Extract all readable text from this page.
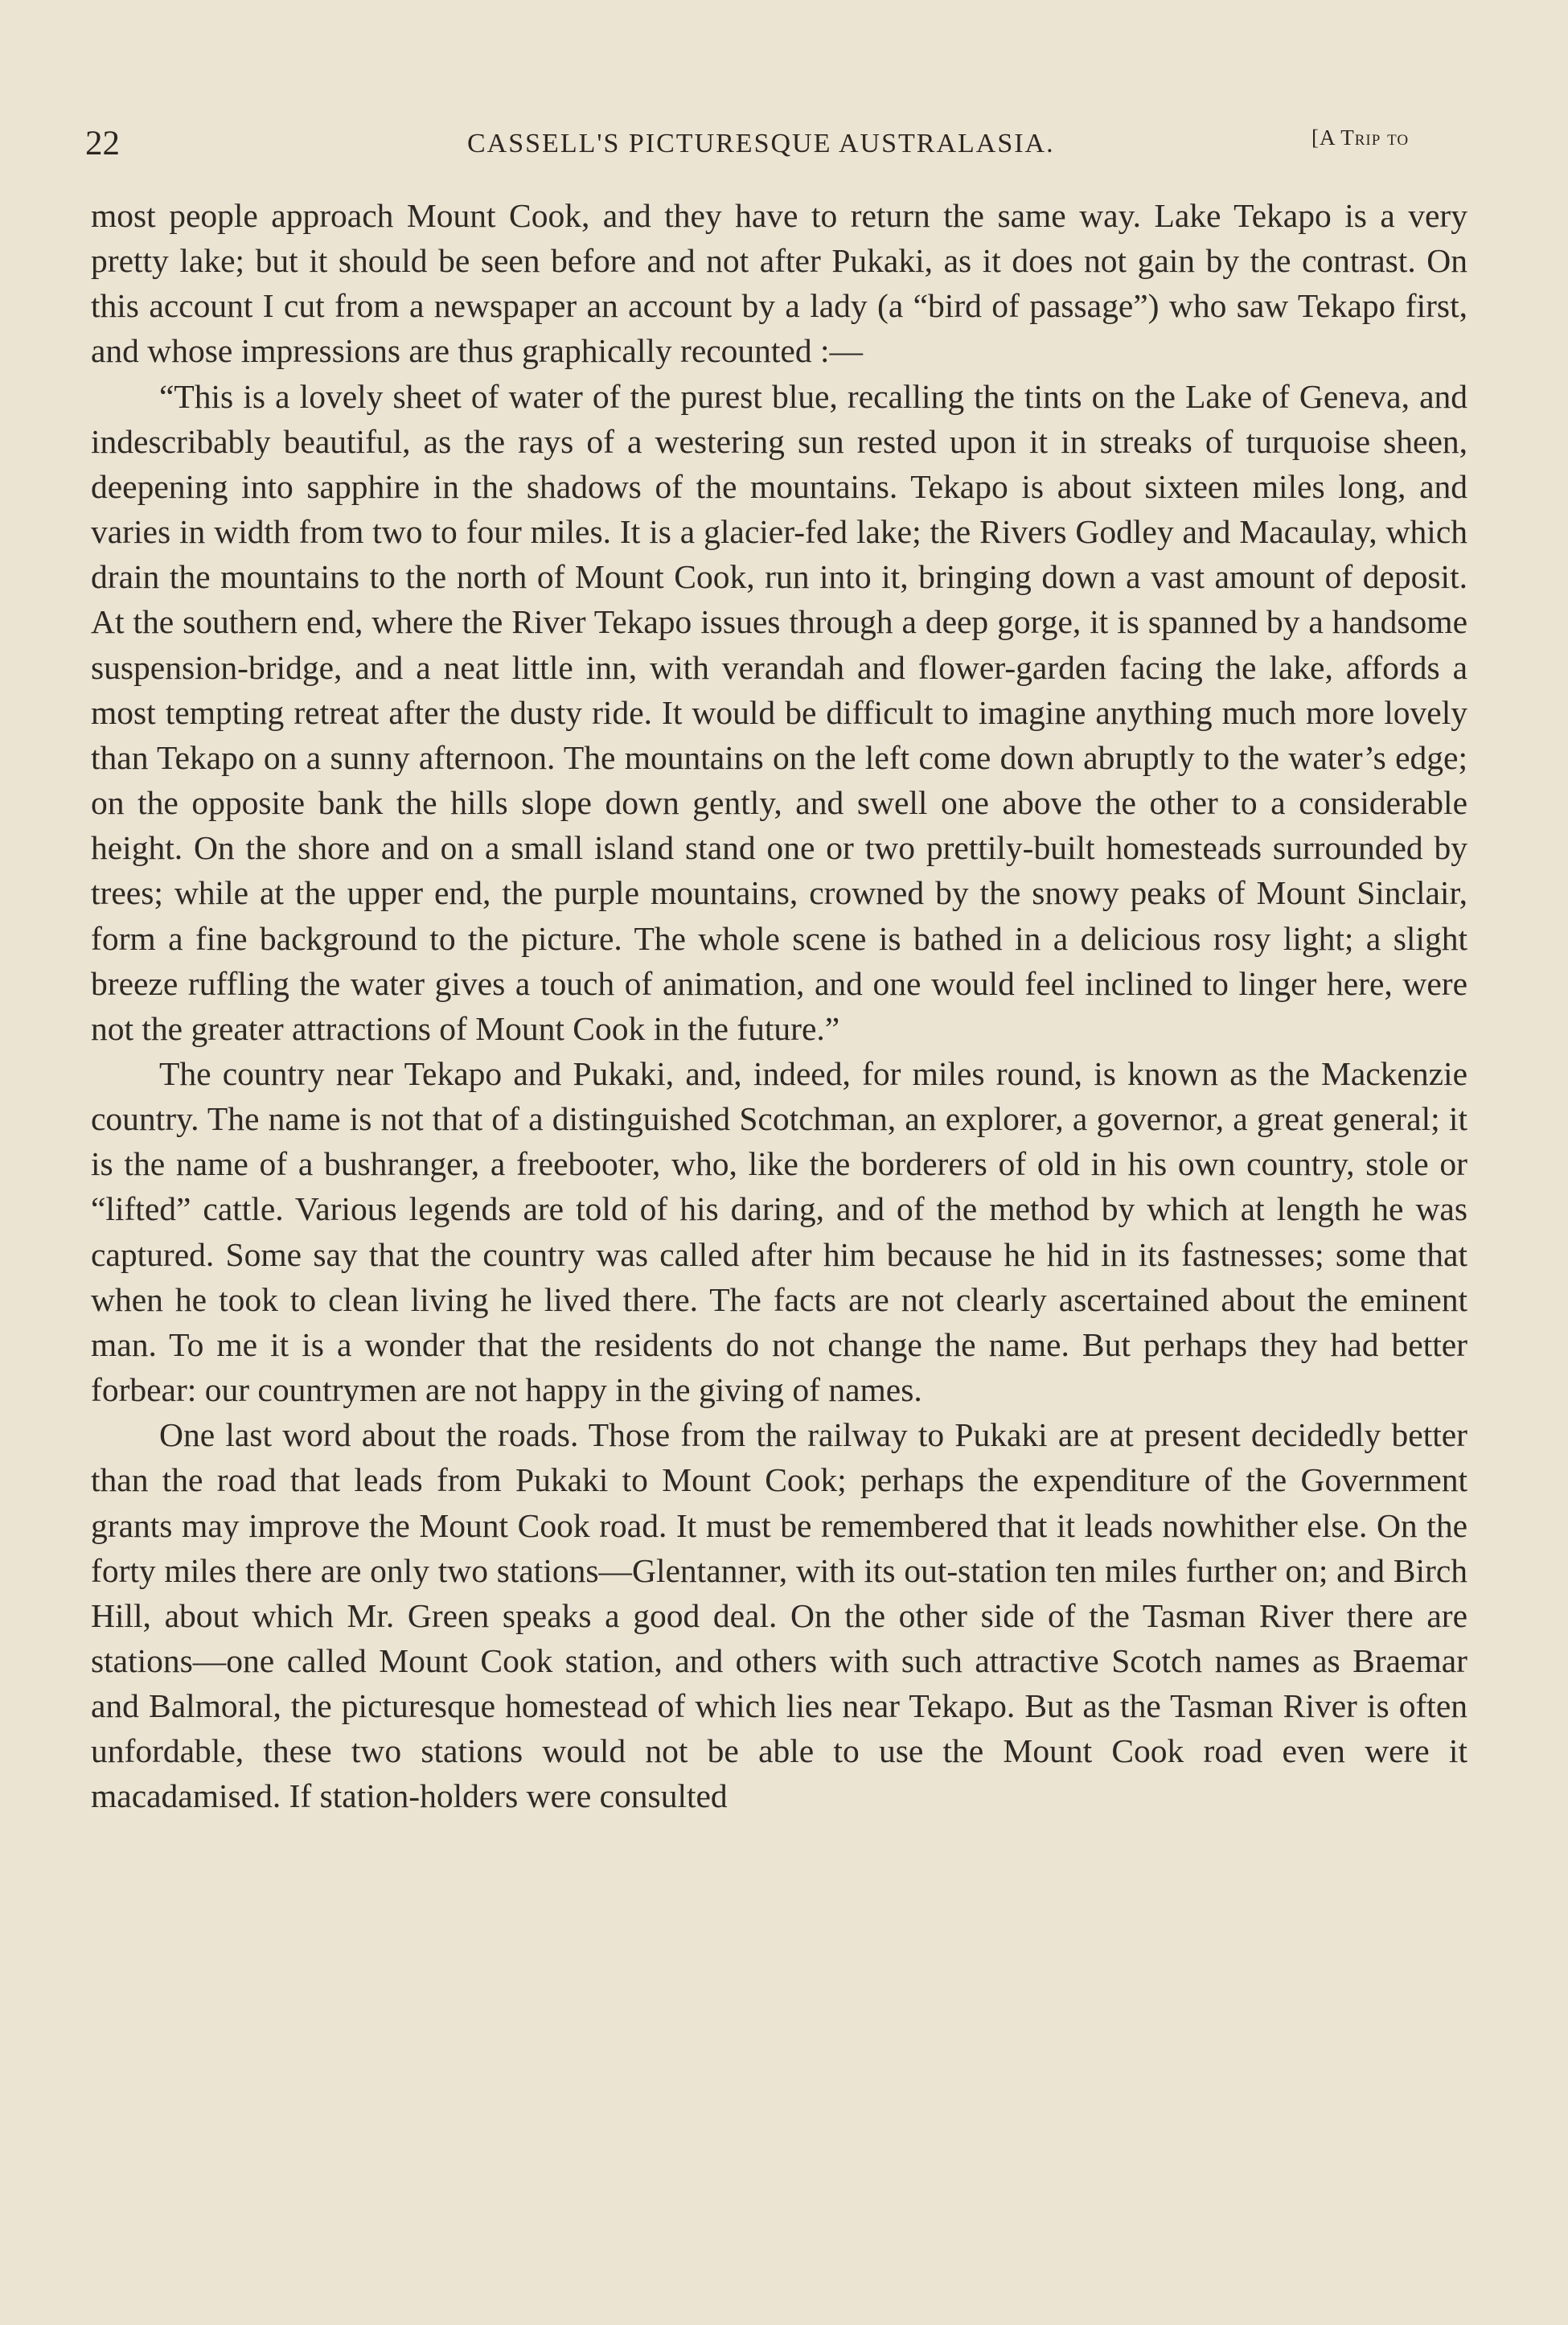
22	CASSELL'S PICTURESQUE AUSTRALASIA.	[A Trip to

most people approach Mount Cook, and they have to return the same way. Lake Tekapo is a very pretty lake; but it should be seen before and not after Pukaki, as it does not gain by the contrast. On this account I cut from a newspaper an account by a lady (a “bird of passage”) who saw Tekapo first, and whose impressions are thus graphically recounted :—

“This is a lovely sheet of water of the purest blue, recalling the tints on the Lake of Geneva, and indescribably beautiful, as the rays of a westering sun rested upon it in streaks of turquoise sheen, deepening into sapphire in the shadows of the mountains. Tekapo is about sixteen miles long, and varies in width from two to four miles. It is a glacier-fed lake; the Rivers Godley and Macaulay, which drain the mountains to the north of Mount Cook, run into it, bringing down a vast amount of deposit. At the southern end, where the River Tekapo issues through a deep gorge, it is spanned by a handsome suspension-bridge, and a neat little inn, with verandah and flower-garden facing the lake, affords a most tempting retreat after the dusty ride. It would be difficult to imagine anything much more lovely than Tekapo on a sunny afternoon. The mountains on the left come down abruptly to the water’s edge; on the opposite bank the hills slope down gently, and swell one above the other to a considerable height. On the shore and on a small island stand one or two prettily-built homesteads surrounded by trees; while at the upper end, the purple mountains, crowned by the snowy peaks of Mount Sinclair, form a fine background to the picture. The whole scene is bathed in a delicious rosy light; a slight breeze ruffling the water gives a touch of animation, and one would feel inclined to linger here, were not the greater attractions of Mount Cook in the future.”

The country near Tekapo and Pukaki, and, indeed, for miles round, is known as the Mackenzie country. The name is not that of a distinguished Scotchman, an explorer, a governor, a great general; it is the name of a bushranger, a freebooter, who, like the borderers of old in his own country, stole or “lifted” cattle. Various legends are told of his daring, and of the method by which at length he was captured. Some say that the country was called after him because he hid in its fastnesses; some that when he took to clean living he lived there. The facts are not clearly ascertained about the eminent man. To me it is a wonder that the residents do not change the name. But perhaps they had better forbear: our countrymen are not happy in the giving of names.

One last word about the roads. Those from the railway to Pukaki are at present decidedly better than the road that leads from Pukaki to Mount Cook; perhaps the expenditure of the Government grants may improve the Mount Cook road. It must be remembered that it leads nowhither else. On the forty miles there are only two stations—Glentanner, with its out-station ten miles further on; and Birch Hill, about which Mr. Green speaks a good deal. On the other side of the Tasman River there are stations—one called Mount Cook station, and others with such attractive Scotch names as Braemar and Balmoral, the picturesque homestead of which lies near Tekapo. But as the Tasman River is often unfordable, these two stations would not be able to use the Mount Cook road even were it macadamised. If station-holders were consulted
